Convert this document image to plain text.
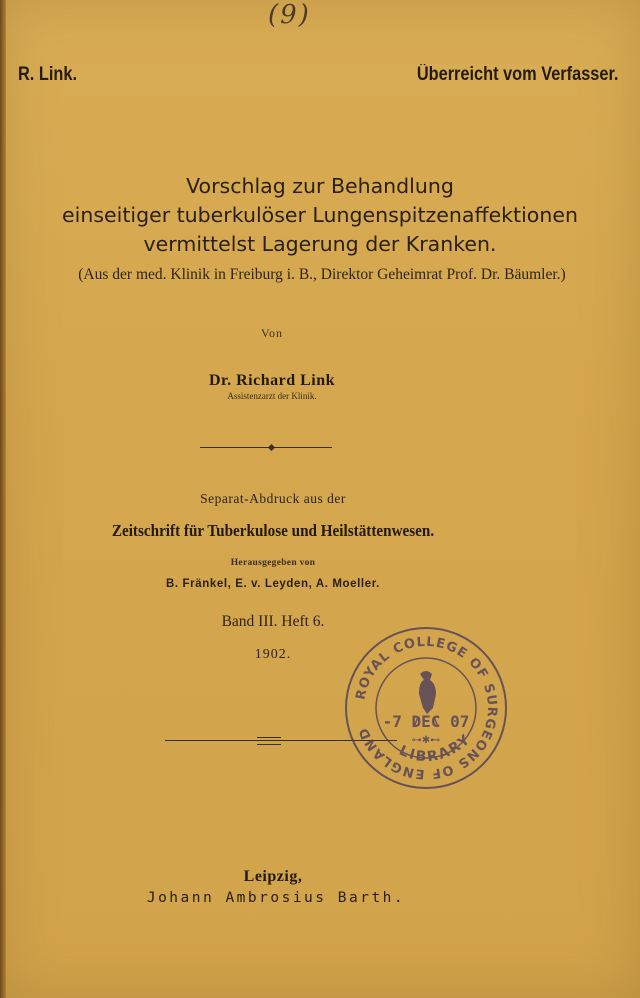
(9)
R. Link.	Überreicht vom Verfasser.
Vorschlag zur Behandlung
einseitiger tuberkulöser Lungenspitzenaffektionen
vermittelst Lagerung der Kranken.
(Aus der med. Klinik in Freiburg i. B., Direktor Geheimrat Prof. Dr. Bäumler.)
Von
Dr. Richard Link
Assistenzarzt der Klinik.
Separat-Abdruck aus der
Zeitschrift für Tuberkulose und Heilstättenwesen.
Herausgegeben von
B. Fränkel, E. v. Leyden, A. Moeller.
Band III. Heft 6.
1902.
ROYAL COLLEGE OF SURGEONS OF ENGLAND
-7 DEC 07
⊶✱⊷
LIBRARY
Leipzig,
Johann Ambrosius Barth.
